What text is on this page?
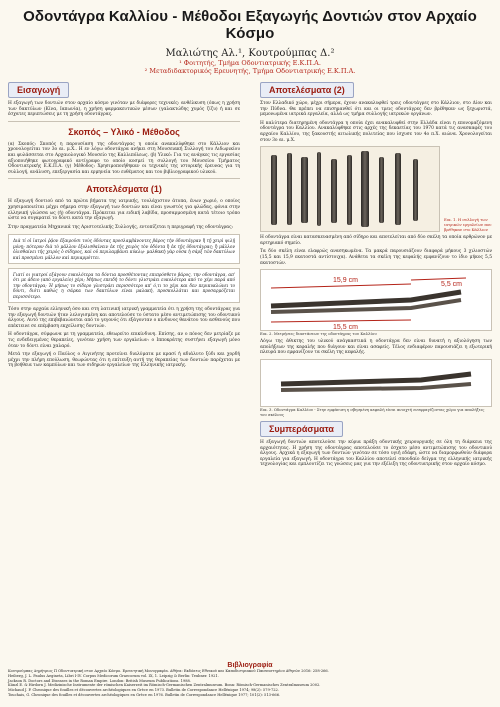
Οδοντάγρα Καλλίου - Μέθοδοι Εξαγωγής Δοντιών στον Αρχαίο Κόσμο
Μαλιώτης Αλ.¹, Κουτρούμπας Δ.²
¹ Φοιτητής, Τμήμα Οδοντιατρικής Ε.Κ.Π.Α.
² Μεταδιδακτορικός Ερευνητής, Τμήμα Οδοντιατρικής Ε.Κ.Π.Α.
Εισαγωγή
Η εξαγωγή των δοντιών στον αρχαίο κόσμο γινόταν με διάφορες τεχνικές: ανθέλκυση (όπως η χρήση των δακτύλων (Κίνα, Ιαπωνία), η χρήση φαρμακευτικών μέσων (γαλακτώδης χυμός ζίζυ) ή και σε έσχατες περιπτώσεις με τη χρήση οδοντάγρας.
Σκοπός – Υλικό - Μέθοδος
(α) Σκοπός: Σκοπός η παρουσίαση της οδοντάγρας η οποία ανακαλύφθηκε στο Κάλλιον και χρονολογείται τον 3ο αι. μ.Χ.. Η εν λόγω οδοντάγρα ανήκει στη Μουσειακή Συλλογή του Λιδωρικίου και φυλάσσεται στο Αρχαιολογικό Μουσείο της Καλλιπόλεως. (β) Υλικό: Για τις ανάγκες τις εργασίας αξιοποιήθηκε φωτογραφικό αντίγραφο το οποίο κοσμεί τη συλλογή του Μουσείου Τμήματος Οδοντιατρικής Ε.Κ.Π.Α. (γ) Μέθοδος: Χρησιμοποιήθηκαν οι τεχνικές της ιστορικής έρευνας για τη συλλογή, ανάλυση, επεξεργασία και ερμηνεία του ευθέματος και του βιβλιογραφικού υλικού.
Αποτελέσματα (1)
Η εξαγωγή δοντιού από τα πρώτα βήματα της ιατρικής, τουλάχιστον άτυπα, ένων χωριό, ο οποίος χρησιμοποιείται μέχρι σήμερα στην εξαγωγή των δοντιών και είναι γνωστός για φλώδας, φόνια στην ελληνική γλώσσα ως (ή) οδοντάγρα. Πρόκειται για ειδική λαβίδα, προσαρμοσμένη κατά τέτοιο τρόπο ώστε να συγκρατεί το δόντι κατά την εξαγωγή.
Στην πραγματεία Μηχανικά της Αριστοτελικής Συλλογής, εντοπίζεται η περιγραφή της οδοντάγρας:
Διὰ τί οἱ ἰατροὶ ῥᾷον ἐξαιροῦσι τοὺς ὀδόντας προσλαμβάνοντες βάρος τὴν ὀδοντάγραν ἢ τῇ χειρὶ ψιλῇ μόνῃ; πότερον διὰ τὸ μᾶλλον ἐξολισθαίνειν ἐκ τῆς χειρὸς τὸν ὀδόντα ἢ ἐκ τῆς ὀδοντάγρας; ἢ μᾶλλον ὀλισθαίνει τῆς χειρὸς ὁ σίδηρος, καὶ οὐ περιλαμβάνει κύκλῳ· μαλθακὴ γὰρ οὖσα ἡ σὰρξ τῶν δακτύλων καὶ προσμένει μᾶλλον καὶ περιαρμόττει.
Γιατί οι γιατροί εξάγουν ευκολότερα τα δόντια προσθέτοντας επιπρόσθετο βάρος, την οδοντάγρα, απ' ότι με άδειο (από εργαλείο) χέρι; Μήπως επειδή το δόντι γλιστράει ευκολότερα από το χέρι παρά από την οδοντάγρα; Ή μήπως το σίδερο γλιστράει περισσότερο απ' ό,τι το χέρι και δεν περικυκλώνει το δόντι, διότι καθώς η σάρκα των δακτύλων είναι μαλακή, προσκολλάται και προσαρμόζεται περισσότερο.
Τόσο στην αρχαία ελληνική όσο και στη λατινική ιατρική γραμματεία ότι η χρήση της οδοντάγρας για την εξαγωγή δοντιών ήταν λελογισμένη και αποτελούσε το ύστατο μέσο αντιμετώπισης του οδοντικού άλγους. Αυτό της επιβεβαιώνεται από το γεγονός ότι εξάγονταν ο κίνδυνος θανάτου του ασθενούς που επέκτεινε σε επέμβαση εκχείλισης δοντιών.
Η οδοντάγρα, σύμφωνα με τη γραμματεία, εθεωρείτο επικίνδυνη. Επίσης, αν ο πόνος δεν μετρίαζε με τις ενδεδειγμένες θεραπείες, γινόταν χρήση των εργαλείων: ο Ιπποκράτης συστήνει εξαγωγή μόνο όταν το δόντι είναι χαλαρό.
Μετά την εξαγωγή ο Παύλος ο Αιγινήτης προτείνει διαλύματα με κρασί ή αδιάλυτο ξύδι και χορδή μέχρι την πλήρη επούλωση, θεωρώντας ότι η επίτευξη αυτή της θεραπείας των δοντιών παρέχεται με τη βοήθεια των καμπύλων και των σιδηρών εργαλείων της Ελληνικής ιατρικής.
Αποτελέσματα (2)
Στον Ελλαδικό χώρο, μέχρι σήμερα, έχουν ανακαλυφθεί τρεις οδοντάγρες στο Κάλλιον, στο Δίον και την Πύδνα. Θα πρέπει να επισημανθεί ότι και οι τρεις οδοντάγρες δεν βρέθηκαν ως ξεχωριστά, μεμονωμένα ιατρικά εργαλεία, αλλά ως τμήμα συλλογής ιατρικών οργάνων.
Η καλύτερα διατηρημένη οδοντάγρα η οποία έχει ανακαλυφθεί στην Ελλάδα είναι η επονομαζόμενη οδοντάγρα του Καλλίου. Ανακαλύφθηκε στις αρχές της δεκαετίας του 1970 κατά τις ανασκαφές του αρχαίου Καλλίου, της ξακουστής αιτωλικής πολιτείας που ίσχυσε τον 4ο π.Χ. αιώνα. Χρονολογείται στον 3ο αι. μ.Χ.
Εικ. 1. Η συλλογή των ιατρικών εργαλείων που βρέθηκαν στο Κάλλιον
Η οδοντάγρα είναι κατασκευασμένη από σίδηρο και αποτελείται από δύο σκέλη τα οποία αρθρώνον με αρτηριακό σημείο.
Τα δύο σκέλη είναι ελαφρώς ανασηκωμένα. Τα μακρά παρουσιάζουν διαφορά μήκους 3 χιλιοστών (15,5 και 15,9 εκατοστά αντίστοιχα). Ανάθετα τα σκέλη της κεφαλής εμφανίζουν το ίδιο μήκος 5,5 εκατοστών.
15,9 cm
15,5 cm
5,5 cm
Εικ. 2. Μετρήσεις διαστάσεων της οδοντάγρας του Καλλίου
Λόγω της άθικτης του υλικού ανάγκαστικά η οδοντάγρα δεν είναι δυνατή η αξιολόγηση των απολήξεων της κεφαλής που διάγουν και είναι ασαφείς. Τέλος ενδιαφέρον παρουσιάζει η εξωτερική πλευρά που εμφανίζουν τα σκέλη της κεφαλής.
Εικ. 3. Οδοντάγρα Καλλίου - Στην εμφάνιση η σβησμένη κεφαλή είναι ανοιχτή ενσφραγίζοντας χώρο για απολήξεις του σκέλους
Συμπεράσματα
Η εξαγωγή δοντιών αποτελούσε την κύρια πράξη οδοντικής χειρουργικής σε όλη τη διάρκεια της αρχαιότητας. Η χρήση της οδοντάγρας αποτελούσε το έσχατο μέσο αντιμετώπισης του οδοντικού άλγους. Αρχικά η εξαγωγή των δοντιών γινόταν σε τόσο υγιή εδάφη, ώστε να διαμορφωθούν διάφορα εργαλεία για εξαγωγή. Η οδοντάγρα του Καλλίου αποτελεί σπουδαίο δείγμα της ελληνικής ιατρικής τεχνολογίας και εμπλουτίζει τις γνώσεις μας για την εξέλιξη της οδοντιατρικής στον αρχαίο κόσμο.
Βιβλιογραφία
Κουτρούμπας Δημήτριος Π Οδοντιατρική στον Αρχαίο Κόσμο. Ερευνητική Μονογραφία. Αθήνα: Εκδόσεις Εθνικού και Καποδιστριακού Πανεπιστημίου Αθηνών 2016: 258-266.
Heiberg, J. L. Paulus Aegineta, Libri I-IV. Corpus Medicorum Graecorum vol. IX, 1. Leipzig & Berlin: Teubner. 1921.
Jackson R. Doctors and Diseases in the Roman Empire. London: British Museum Publications. 1988.
Künzl E. & Hirdorn J. Medizinische Instrumente der römischen Kaiserzeit im Römisch-Germanischen Zentralmuseum. Bonn: Römisch-Germanisches Zentralmuseum 2002.
Michaud J. P. Chronique des fouilles et découvertes archéologiques en Grèce en 1973. Bulletin de Correspondance Hellénique 1974; 98(2): 579-722.
Touchais, G. Chronique des fouilles et découvertes archéologiques en Grèce en 1976. Bulletin de Correspondance Hellénique 1977; 101(2): 513-666.
